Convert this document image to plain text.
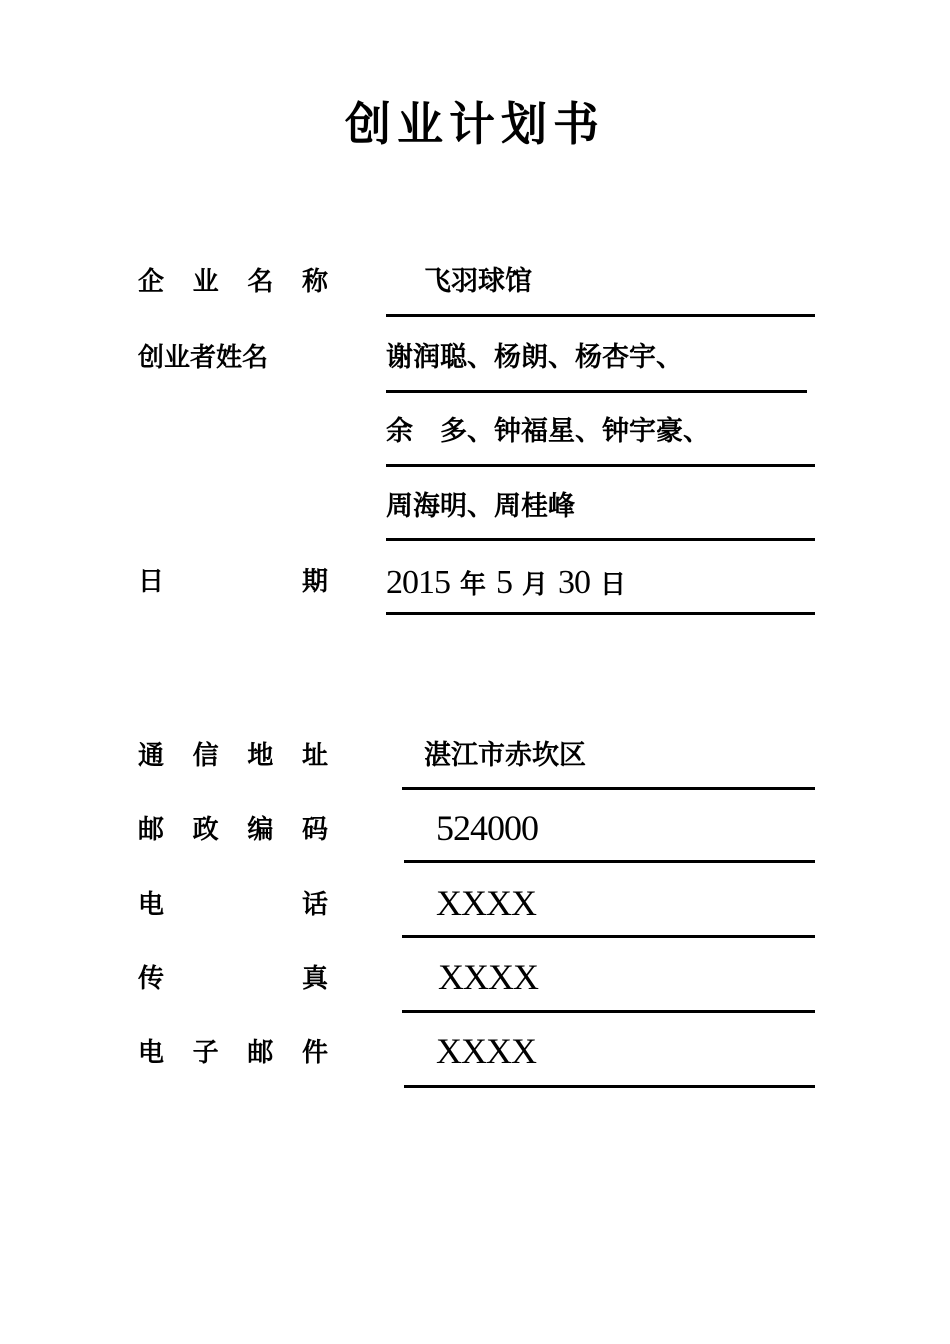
创业计划书
企 业 名 称	飞羽球馆
创业者姓名	谢润聪、杨朗、杨杏宇、
余　多、钟福星、钟宇豪、
周海明、周桂峰
日	期 2015 年 5 月 30 日
通 信 地 址	湛江市赤坎区
邮 政 编 码	524000
电	话	XXXX
传	真	XXXX
电 子 邮 件	XXXX
